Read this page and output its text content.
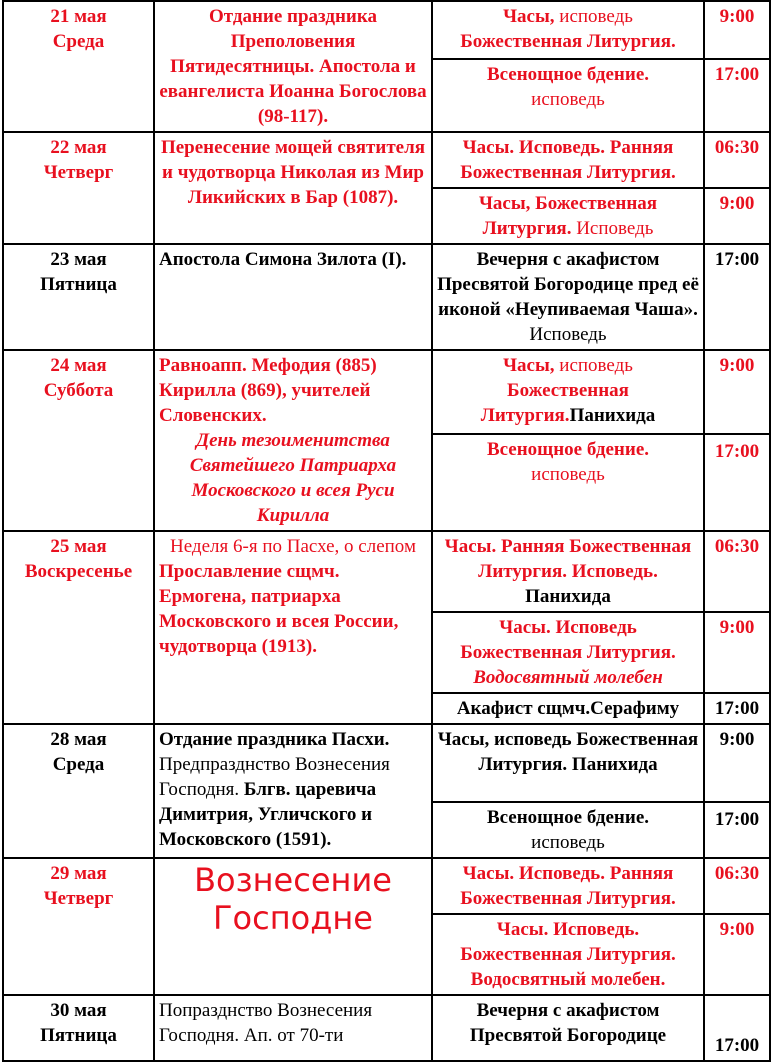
21 мая
Среда	Отдание праздника Преполовения Пятидесятницы. Апостола и евангелиста Иоанна Богослова (98-117).	Часы, исповедь
Божественная Литургия.	9:00
		Всенощное бдение.
исповедь	17:00

22 мая
Четверг	Перенесение мощей святителя и чудотворца Николая из Мир Ликийских в Бар (1087).	Часы. Исповедь. Ранняя Божественная Литургия.	06:30
		Часы, Божественная Литургия. Исповедь	9:00

23 мая
Пятница	Апостола Симона Зилота (I).	Вечерня с акафистом Пресвятой Богородице пред её иконой «Неупиваемая Чаша».
Исповедь	17:00

24 мая
Суббота	Равноапп. Мефодия (885) Кирилла (869), учителей Словенских.
День тезоименитства Святейшего Патриарха Московского и всея Руси Кирилла	Часы, исповедь
Божественная Литургия.Панихида	9:00
		Всенощное бдение.
исповедь	17:00

25 мая
Воскресенье	Неделя 6-я по Пасхе, о слепом
Прославление сщмч. Ермогена, патриарха Московского и всея России, чудотворца (1913).	Часы. Ранняя Божественная Литургия. Исповедь. Панихида	06:30
		Часы. Исповедь Божественная Литургия.
Водосвятный молебен	9:00
		Акафист сщмч.Серафиму	17:00

28 мая
Среда	Отдание праздника Пасхи. Предпразднство Вознесения Господня. Блгв. царевича Димитрия, Угличского и Московского (1591).	Часы, исповедь Божественная Литургия. Панихида	9:00
		Всенощное бдение.
исповедь	17:00

29 мая
Четверг	Вознесение Господне	Часы. Исповедь. Ранняя Божественная Литургия.	06:30
		Часы. Исповедь. Божественная Литургия. Водосвятный молебен.	9:00

30 мая
Пятница	Попразднство Вознесения Господня. Ап. от 70-ти	Вечерня с акафистом Пресвятой Богородице	17:00
